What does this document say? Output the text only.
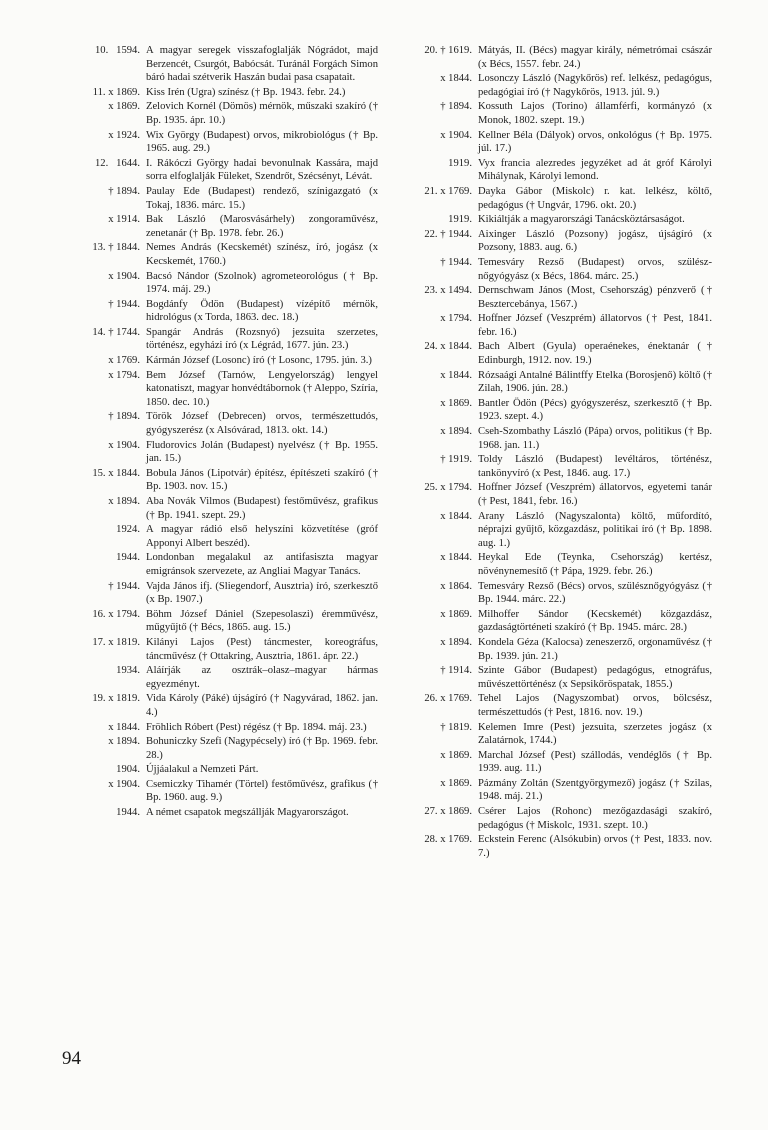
10.   1594. A magyar seregek visszafoglalják Nógrádot, majd Berzencét, Csurgót, Babócsát. Turánál Forgách Simon báró hadai szétverik Haszán budai pasa csapatait.
11. x 1869. Kiss Irén (Ugra) színész († Bp. 1943. febr. 24.)
x 1869. Zelovich Kornél (Dömös) mérnök, műszaki szakíró († Bp. 1935. ápr. 10.)
x 1924. Wix György (Budapest) orvos, mikrobiológus († Bp. 1965. aug. 29.)
12.   1644. I. Rákóczi György hadai bevonulnak Kassára, majd sorra elfoglalják Füleket, Szendrőt, Szécsényt, Lévát.
† 1894. Paulay Ede (Budapest) rendező, színigazgató (x Tokaj, 1836. márc. 15.)
x 1914. Bak László (Marosvásárhely) zongoraművész, zenetanár († Bp. 1978. febr. 26.)
13. † 1844. Nemes András (Kecskemét) színész, író, jogász (x Kecskemét, 1760.)
x 1904. Bacsó Nándor (Szolnok) agrometeorológus († Bp. 1974. máj. 29.)
† 1944. Bogdánfy Ödön (Budapest) vízépítő mérnök, hidrológus (x Torda, 1863. dec. 18.)
14. † 1744. Spangár András (Rozsnyó) jezsuita szerzetes, történész, egyházi író (x Légrád, 1677. jún. 23.)
x 1769. Kármán József (Losonc) író († Losonc, 1795. jún. 3.)
x 1794. Bem József (Tarnów, Lengyelország) lengyel katonatiszt, magyar honvédtábornok († Aleppo, Szíria, 1850. dec. 10.)
† 1894. Török József (Debrecen) orvos, természettudós, gyógyszerész (x Alsóvárad, 1813. okt. 14.)
x 1904. Fludorovics Jolán (Budapest) nyelvész († Bp. 1955. jan. 15.)
15. x 1844. Bobula János (Lipotvár) építész, építészeti szakíró († Bp. 1903. nov. 15.)
x 1894. Aba Novák Vilmos (Budapest) festőművész, grafikus († Bp. 1941. szept. 29.)
1924. A magyar rádió első helyszíni közvetítése (gróf Apponyi Albert beszéd).
1944. Londonban megalakul az antifasiszta magyar emigránsok szervezete, az Angliai Magyar Tanács.
† 1944. Vajda János ifj. (Sliegendorf, Ausztria) író, szerkesztő (x Bp. 1907.)
16. x 1794. Böhm József Dániel (Szepesolaszi) éremművész, műgyűjtő († Bécs, 1865. aug. 15.)
17. x 1819. Kilányi Lajos (Pest) táncmester, koreográfus, táncművész († Ottakring, Ausztria, 1861. ápr. 22.)
1934. Aláírják az osztrák–olasz–magyar hármas egyezményt.
19. x 1819. Vida Károly (Páké) újságíró († Nagyvárad, 1862. jan. 4.)
x 1844. Fröhlich Róbert (Pest) régész († Bp. 1894. máj. 23.)
x 1894. Bohuniczky Szefi (Nagypécsely) író († Bp. 1969. febr. 28.)
1904. Újjáalakul a Nemzeti Párt.
x 1904. Csemiczky Tihamér (Törtel) festőművész, grafikus († Bp. 1960. aug. 9.)
1944. A német csapatok megszállják Magyarországot.
20. † 1619. Mátyás, II. (Bécs) magyar király, németrómai császár (x Bécs, 1557. febr. 24.)
x 1844. Losonczy László (Nagykőrös) ref. lelkész, pedagógus, pedagógiai író († Nagykőrös, 1913. júl. 9.)
† 1894. Kossuth Lajos (Torino) államférfi, kormányzó (x Monok, 1802. szept. 19.)
x 1904. Kellner Béla (Dályok) orvos, onkológus († Bp. 1975. júl. 17.)
1919. Vyx francia alezredes jegyzéket ad át gróf Károlyi Mihálynak, Károlyi lemond.
21. x 1769. Dayka Gábor (Miskolc) r. kat. lelkész, költő, pedagógus († Ungvár, 1796. okt. 20.)
1919. Kikiáltják a magyarországi Tanácsköztársaságot.
22. † 1944. Aixinger László (Pozsony) jogász, újságíró (x Pozsony, 1883. aug. 6.)
† 1944. Temesváry Rezső (Budapest) orvos, szülész-nőgyógyász (x Bécs, 1864. márc. 25.)
23. x 1494. Dernschwam János (Most, Csehország) pénzverő († Besztercebánya, 1567.)
x 1794. Hoffner József (Veszprém) állatorvos († Pest, 1841. febr. 16.)
24. x 1844. Bach Albert (Gyula) operaénekes, énektanár († Edinburgh, 1912. nov. 19.)
x 1844. Rózsaági Antalné Bálintffy Etelka (Borosjenő) költő († Zilah, 1906. jún. 28.)
x 1869. Bantler Ödön (Pécs) gyógyszerész, szerkesztő († Bp. 1923. szept. 4.)
x 1894. Cseh-Szombathy László (Pápa) orvos, politikus († Bp. 1968. jan. 11.)
† 1919. Toldy László (Budapest) levéltáros, történész, tankönyvíró (x Pest, 1846. aug. 17.)
25. x 1794. Hoffner József (Veszprém) állatorvos, egyetemi tanár († Pest, 1841, febr. 16.)
x 1844. Arany László (Nagyszalonta) költő, műfordító, néprajzi gyűjtő, közgazdász, politikai író († Bp. 1898. aug. 1.)
x 1844. Heykal Ede (Teynka, Csehország) kertész, növénynemesítő († Pápa, 1929. febr. 26.)
x 1864. Temesváry Rezső (Bécs) orvos, szülésznőgyógyász († Bp. 1944. márc. 22.)
x 1869. Milhoffer Sándor (Kecskemét) közgazdász, gazdaságtörténeti szakíró († Bp. 1945. márc. 28.)
x 1894. Kondela Géza (Kalocsa) zeneszerző, orgonaművész († Bp. 1939. jún. 21.)
† 1914. Szinte Gábor (Budapest) pedagógus, etnográfus, művészettörténész (x Sepsikőröspatak, 1855.)
26. x 1769. Tehel Lajos (Nagyszombat) orvos, bölcsész, természettudós († Pest, 1816. nov. 19.)
† 1819. Kelemen Imre (Pest) jezsuita, szerzetes jogász (x Zalatárnok, 1744.)
x 1869. Marchal József (Pest) szállodás, vendéglős († Bp. 1939. aug. 11.)
x 1869. Pázmány Zoltán (Szentgyörgymező) jogász († Szilas, 1948. máj. 21.)
27. x 1869. Csérer Lajos (Rohonc) mezőgazdasági szakíró, pedagógus († Miskolc, 1931. szept. 10.)
28. x 1769. Eckstein Ferenc (Alsókubin) orvos († Pest, 1833. nov. 7.)
94
